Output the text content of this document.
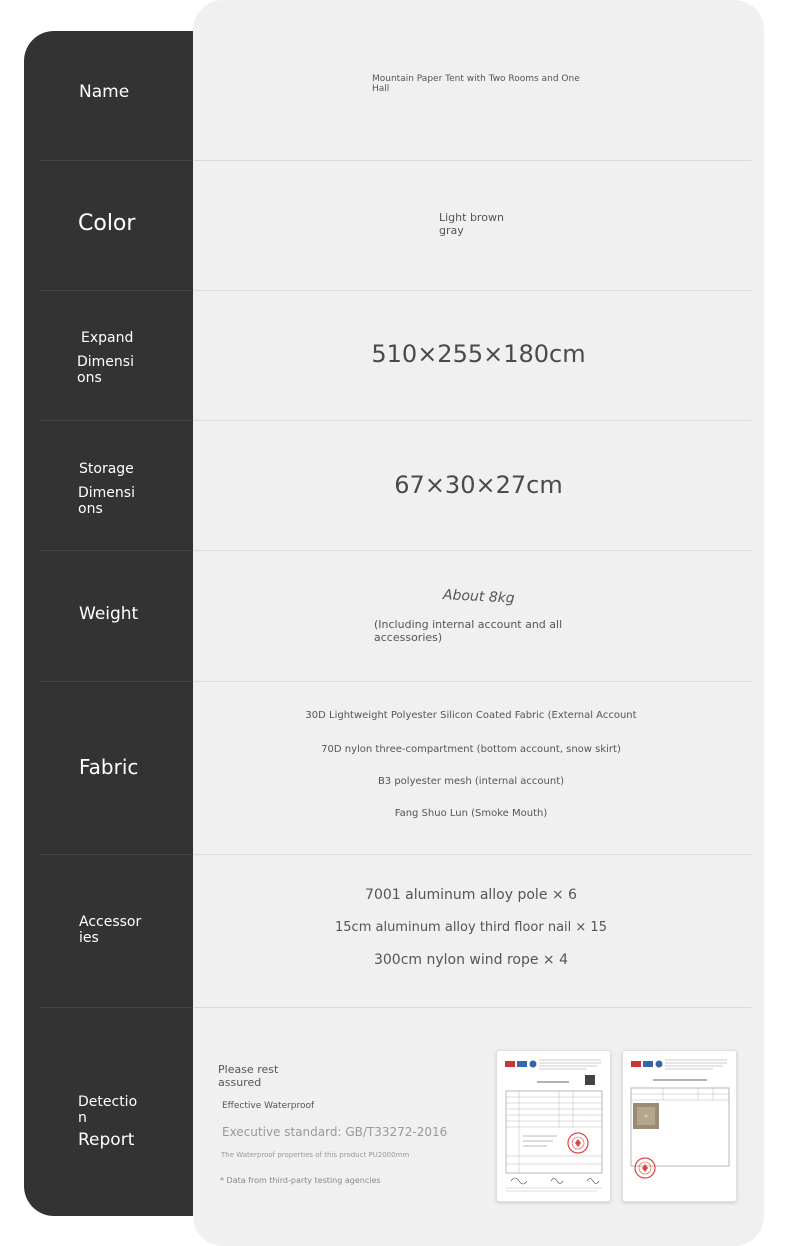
Name
Mountain Paper Tent with Two Rooms and One
Hall
Color	Light brown
gray
Expand
Dimensi
ons
510×255×180cm
Storage
Dimensi
ons
67×30×27cm
Weight
About 8kg
(Including internal account and all
accessories)
Fabric
30D Lightweight Polyester Silicon Coated Fabric (External Account
70D nylon three-compartment (bottom account, snow skirt)
B3 polyester mesh (internal account)
Fang Shuo Lun (Smoke Mouth)
Accessor
ies
7001 aluminum alloy pole × 6
15cm aluminum alloy third floor nail × 15
300cm nylon wind rope × 4
Detectio
n
Report
Please rest
assured
Effective Waterproof
Executive standard: GB/T33272-2016
The Waterproof properties of this product PU2000mm
* Data from third-party testing agencies
